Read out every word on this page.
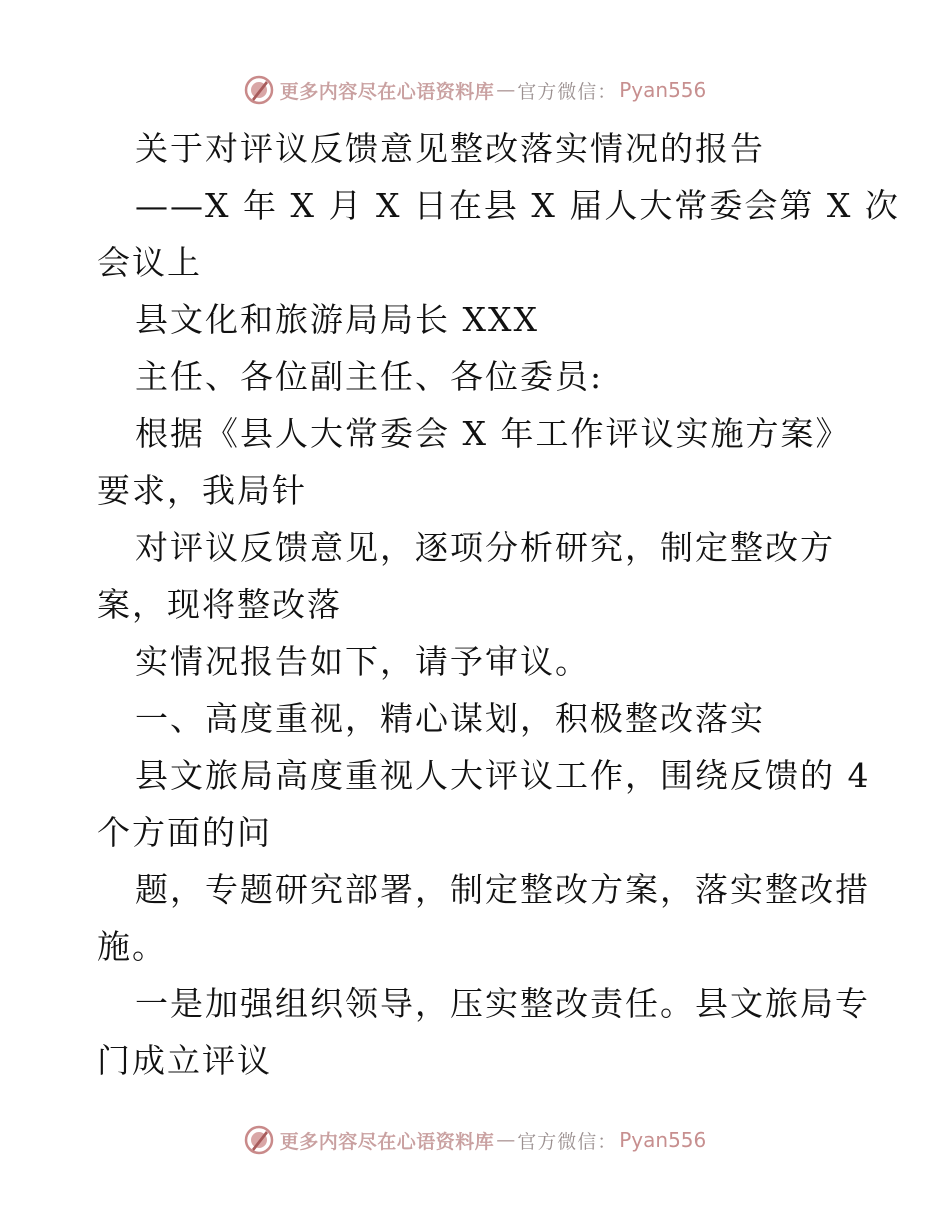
更多内容尽在心语资料库 — 官方微信： Pyan556
关于对评议反馈意见整改落实情况的报告
——X 年 X 月 X 日在县 X 届人大常委会第 X 次
会议上
县文化和旅游局局长 XXX
主任、各位副主任、各位委员:
根据《县人大常委会 X 年工作评议实施方案》
要求，我局针
对评议反馈意见，逐项分析研究，制定整改方
案，现将整改落
实情况报告如下，请予审议。
一、高度重视，精心谋划，积极整改落实
县文旅局高度重视人大评议工作，围绕反馈的 4
个方面的问
题，专题研究部署，制定整改方案，落实整改措
施。
一是加强组织领导，压实整改责任。县文旅局专
门成立评议
更多内容尽在心语资料库 — 官方微信： Pyan556
